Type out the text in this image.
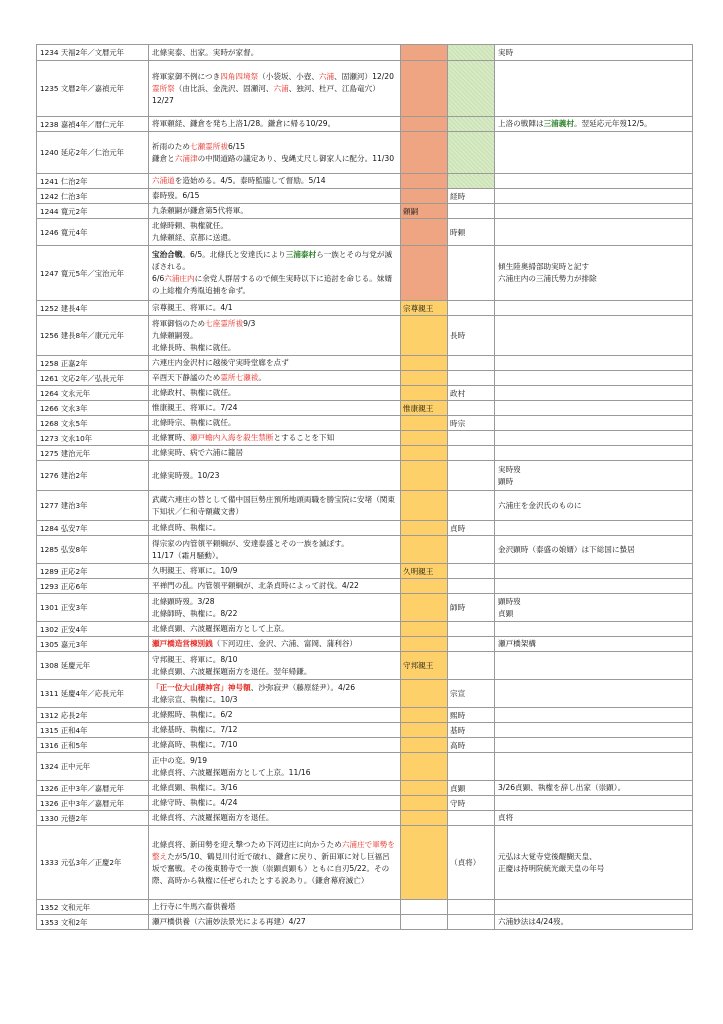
1234 天福2年／文暦元年	北條実泰、出家。実時が家督。			実時

1235 文暦2年／嘉禎元年	将軍家御不例につき四角四境祭（小袋坂、小壺、六浦、固瀬河）12/20
霊所祭（由比浜、金洗沢、固瀬河、六浦、独河、杜戸、江島竜穴）12/27			

1238 嘉禎4年／暦仁元年	将軍頼経、鎌倉を発ち上洛1/28。鎌倉に帰る10/29。			上洛の戦陣は三浦義村。翌延応元年歿12/5。

1240 延応2年／仁治元年	祈雨のため七瀬霊所祓6/15
鎌倉と六浦津の中間道路の議定あり、曳縄丈尺し御家人に配分。11/30			

1241 仁治2年	六浦道を造始める。4/5。泰時監臨して督励。5/14			

1242 仁治3年	泰時歿。6/15		経時	
1244 寛元2年	九条頼嗣が鎌倉第5代将軍。	頼嗣		
1246 寛元4年	北條時頼、執権就任。
九條頼経、京都に送還。		時頼	
1247 寛元5年／宝治元年	宝治合戦。6/5。北條氏と安達氏により三浦泰村ら一族とその与党が滅ぼされる。
6/6六浦庄内に余党人群居するので傾生実時以下に追討を命じる。妹婿の上総権介秀胤追捕を命ず。			傾生陸奥掃部助実時と記す
六浦庄内の三浦氏勢力が排除

1252 建長4年	宗尊親王、将軍に。4/1	宗尊親王		
1256 建長8年／康元元年	将軍御悩のため七座霊所祓9/3
九條頼嗣歿。
北條長時、執権に就任。		長時	
1258 正嘉2年	六連庄内金沢村に越後守実時堂廊を点ず			

1261 文応2年／弘長元年	辛酉天下静謐のため霊所七瀬祓。			

1264 文永元年	北條政村、執権に就任。		政村	
1266 文永3年	惟康親王、将軍に。7/24	惟康親王		
1268 文永5年	北條時宗、執権に就任。		時宗	
1273 文永10年	北條實時、瀬戸蟾内入海を殺生禁断とすることを下知			

1275 建治元年	北條実時、病で六浦に籠居			

1276 建治2年	北條実時歿。10/23			実時歿
顕時

1277 建治3年	武蔵六連庄の替として備中国巨勢庄預所地頭両職を勝宝院に安堵（関東下知状／仁和寺額藏文書）			六浦庄を金沢氏のものに

1284 弘安7年	北條貞時、執権に。		貞時	
1285 弘安8年	得宗家の内管領平頼綱が、安達泰盛とその一族を滅ぼす。
11/17（霜月騒動）。			金沢顕時（泰盛の娘婿）は下総国に蟄居

1289 正応2年	久明親王、将軍に。10/9	久明親王		
1293 正応6年	平禅門の乱。内管領平頼綱が、北条貞時によって討伐。4/22			

1301 正安3年	北條顕時歿。3/28
北條師時、執権に。8/22		師時	顕時歿
貞顕

1302 正安4年	北條貞顕、六波羅探題南方として上京。			

1305 嘉元3年	瀬戸橋造営棟別銭（下河辺庄、金沢、六浦、富岡、蒲利谷）			瀬戸橋架構

1308 延慶元年	守邦親王、将軍に。8/10
北條貞顕、六波羅探題南方を退任。翌年帰鎌。	守邦親王		
1311 延慶4年／応長元年	「正一位大山積神宮」神号額、沙弥寂尹（藤原経尹）。4/26
北條宗宣、執権に。10/3		宗宣	
1312 応長2年	北條熙時、執権に。6/2		熙時	
1315 正和4年	北條基時、執権に。7/12		基時	
1316 正和5年	北條高時、執権に。7/10		高時	
1324 正中元年	正中の変。9/19
北條貞将、六波羅探題南方として上京。11/16			

1326 正中3年／嘉暦元年	北條貞顕、執権に。3/16		貞顕	3/26貞顕、執権を辞し出家（崇顕）。

1326 正中3年／嘉暦元年	北條守時、執権に。4/24		守時	
1330 元徳2年	北條貞将、六波羅探題南方を退任。			貞将

1333 元弘3年／正慶2年	北條貞将、新田勢を迎え撃つため下河辺庄に向かうため六浦庄で軍勢を整えたが5/10、鶴見川付近で破れ、鎌倉に戻り、新田軍に対し巨福呂坂で奮戦。その後東勝寺で一族（崇顕貞顕も）ともに自刃5/22。その際、高時から執権に任ぜられたとする説あり。（鎌倉幕府滅亡）		（貞将）	元弘は大覚寺党後醍醐天皇、
正慶は持明院統光厳天皇の年号

1352 文和元年	上行寺に牛馬六畜供養塔			

1353 文和2年	瀬戸橋供養（六浦妙法景光による再建）4/27			六浦妙法は4/24歿。
